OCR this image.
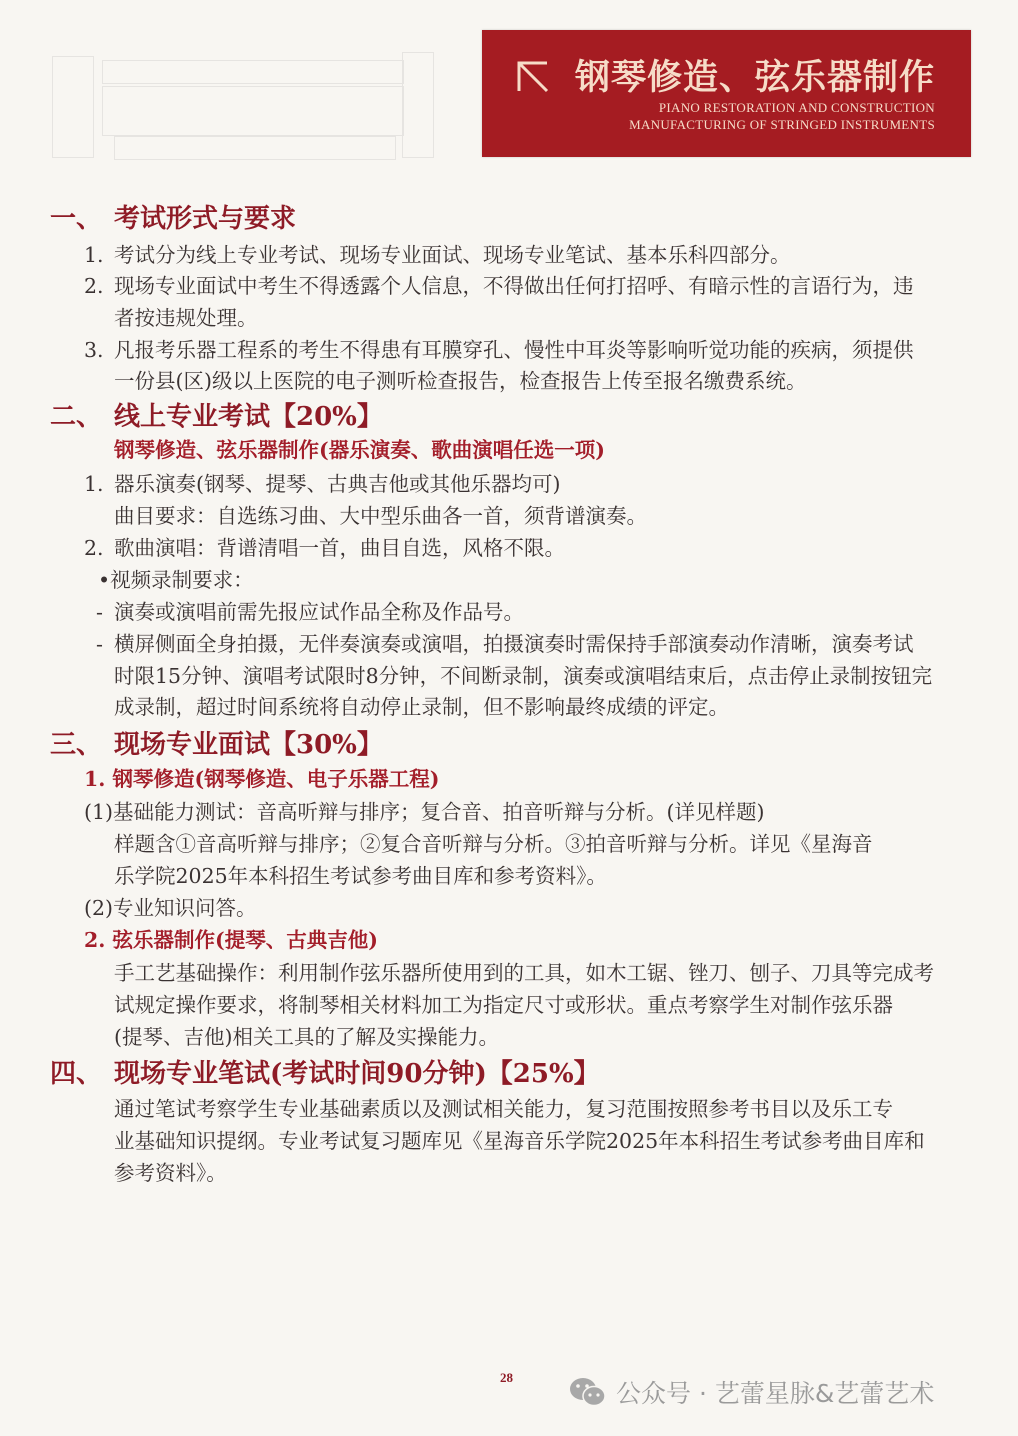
钢琴修造、弦乐器制作
PIANO RESTORATION AND CONSTRUCTION
MANUFACTURING OF STRINGED INSTRUMENTS
一、 考试形式与要求
1. 考试分为线上专业考试、现场专业面试、现场专业笔试、基本乐科四部分。
2. 现场专业面试中考生不得透露个人信息，不得做出任何打招呼、有暗示性的言语行为，违
者按违规处理。
3. 凡报考乐器工程系的考生不得患有耳膜穿孔、慢性中耳炎等影响听觉功能的疾病，须提供
一份县(区)级以上医院的电子测听检查报告，检查报告上传至报名缴费系统。
二、 线上专业考试【20%】
钢琴修造、弦乐器制作(器乐演奏、歌曲演唱任选一项)
1. 器乐演奏(钢琴、提琴、古典吉他或其他乐器均可)
曲目要求：自选练习曲、大中型乐曲各一首，须背谱演奏。
2. 歌曲演唱：背谱清唱一首，曲目自选，风格不限。
•视频录制要求：
- 演奏或演唱前需先报应试作品全称及作品号。
- 横屏侧面全身拍摄，无伴奏演奏或演唱，拍摄演奏时需保持手部演奏动作清晰，演奏考试
时限15分钟、演唱考试限时8分钟，不间断录制，演奏或演唱结束后，点击停止录制按钮完
成录制，超过时间系统将自动停止录制，但不影响最终成绩的评定。
三、 现场专业面试【30%】
1. 钢琴修造(钢琴修造、电子乐器工程)
(1)基础能力测试：音高听辩与排序；复合音、拍音听辩与分析。(详见样题)
样题含①音高听辩与排序；②复合音听辩与分析。③拍音听辩与分析。详见《星海音
乐学院2025年本科招生考试参考曲目库和参考资料》。
(2)专业知识问答。
2. 弦乐器制作(提琴、古典吉他)
手工艺基础操作：利用制作弦乐器所使用到的工具，如木工锯、锉刀、刨子、刀具等完成考
试规定操作要求，将制琴相关材料加工为指定尺寸或形状。重点考察学生对制作弦乐器
(提琴、吉他)相关工具的了解及实操能力。
四、 现场专业笔试(考试时间90分钟)【25%】
通过笔试考察学生专业基础素质以及测试相关能力，复习范围按照参考书目以及乐工专
业基础知识提纲。专业考试复习题库见《星海音乐学院2025年本科招生考试参考曲目库和
参考资料》。
28
公众号 · 艺蕾星脉&艺蕾艺术
